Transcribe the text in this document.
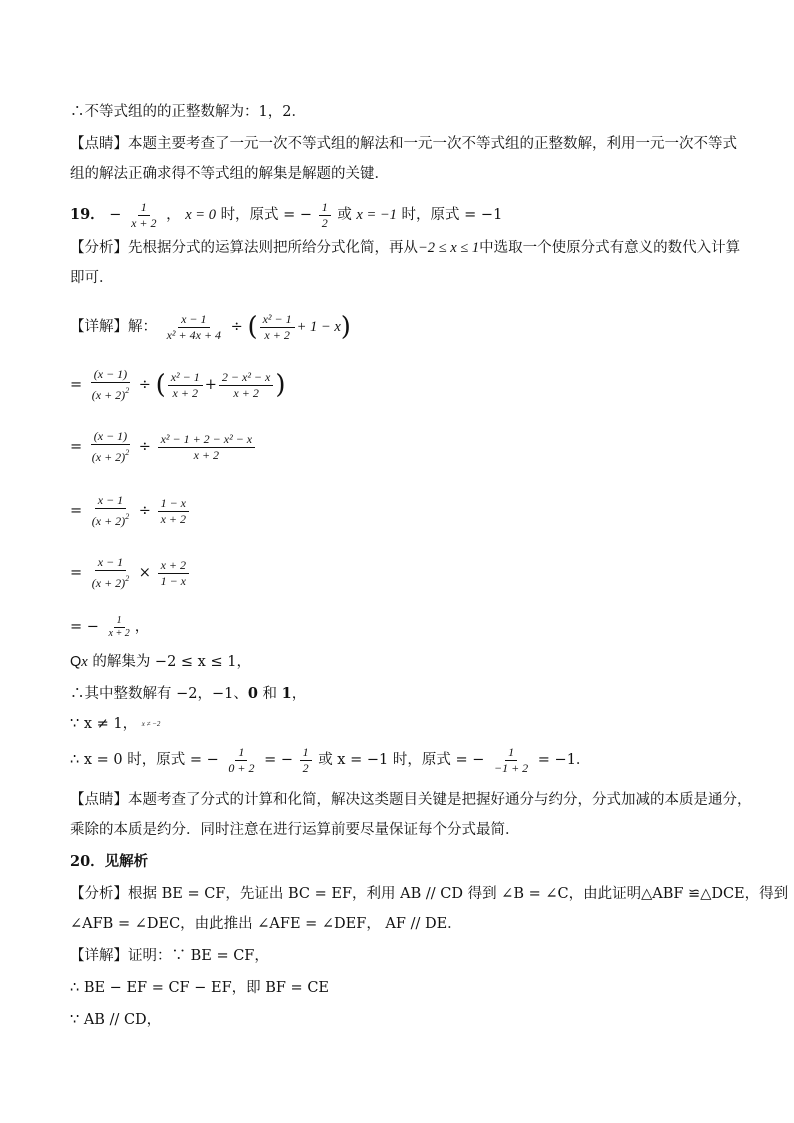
∴不等式组的的正整数解为：1，2．
【点睛】本题主要考查了一元一次不等式组的解法和一元一次不等式组的正整数解，利用一元一次不等式
组的解法正确求得不等式组的解集是解题的关键．
19． − $\frac{1}{x + 2}$ ， x = 0 时，原式 = − $\frac{1}{2}$ 或 x = −1 时，原式 = −1
【分析】先根据分式的运算法则把所给分式化简，再从−2 ≤ x ≤ 1中选取一个使原分式有意义的数代入计算
即可．
【详解】解： $\frac{x - 1}{\text{x² + 4x + 4}}$ ÷ ( $\frac{\text{x² − 1}}{x + 2} + 1 - x$)
= $\frac{(x - 1)}{(x + 2)^2}$ ÷ ( $\frac{\text{x² − 1}}{x + 2} + \frac{\text{2 − x² − x}}{x + 2}$ )
= $\frac{(x - 1)}{(x + 2)^2} \div \frac{\text{x² − 1 + 2 − x² − x}}{x + 2}$
= $\frac{x - 1}{(x + 2)^2} \div \frac{1 - x}{x + 2}$
= $\frac{x - 1}{(x + 2)^2} \times \frac{x + 2}{1 - x}$
= − $\frac{1}{x + 2}$ ，
Qx 的解集为 −2 ≤ x ≤ 1，
∴其中整数解有 −2，−1、0 和 1，
∵ x ≠ 1， x ≠ −2
∴ x = 0 时，原式 = − $\frac{1}{0 + 2}$ = − $\frac{1}{2}$ 或 x = −1 时，原式 = − $\frac{1}{-1 + 2} = -1$．
【点睛】本题考查了分式的计算和化简，解决这类题目关键是把握好通分与约分，分式加减的本质是通分，
乘除的本质是约分．同时注意在进行运算前要尽量保证每个分式最简．
20．见解析
【分析】根据 BE = CF，先证出 BC = EF，利用 AB // CD 得到 ∠B = ∠C，由此证明△ABF ≌△DCE，得到
∠AFB = ∠DEC，由此推出 ∠AFE = ∠DEF， AF // DE．
【详解】证明：∵ BE = CF，
∴ BE − EF = CF − EF，即 BF = CE
∵ AB // CD，
